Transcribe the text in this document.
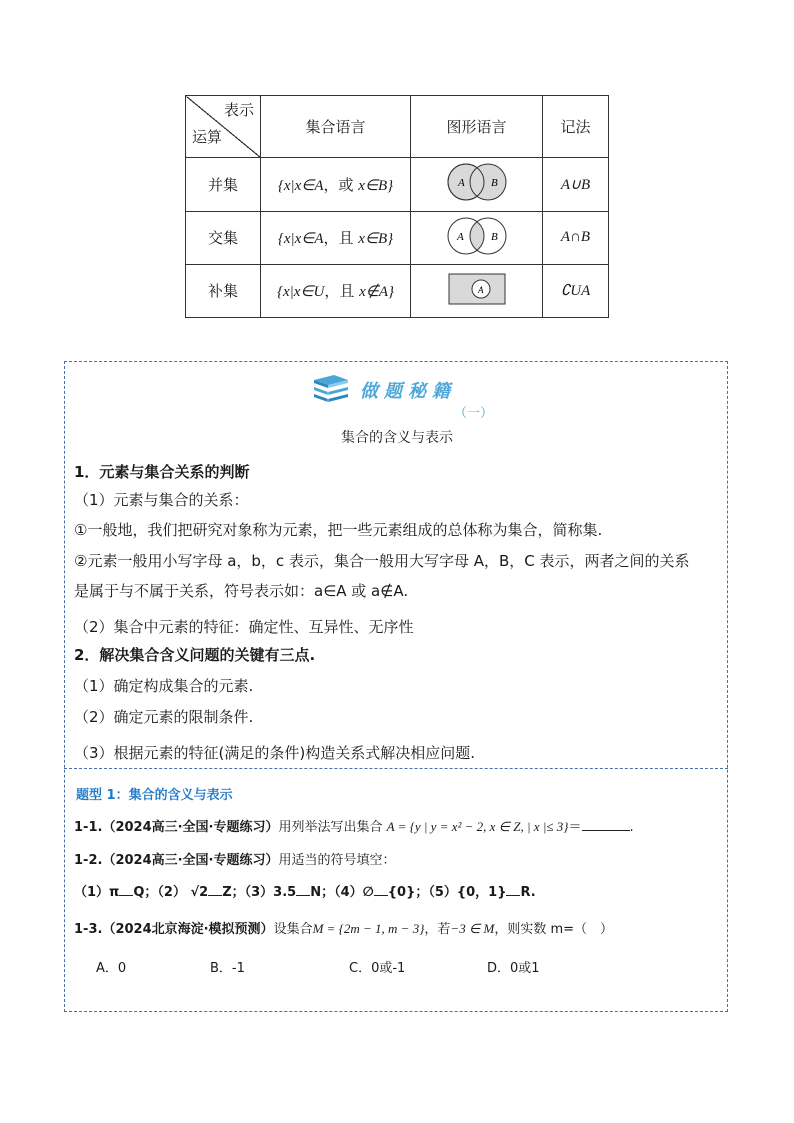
表示
运算	集合语言	图形语言	记法
并集	{x|x∈A，或 x∈B}	A B	A∪B
交集	{x|x∈A，且 x∈B}	A B	A∩B
补集	{x|x∈U，且 x∉A}	A	∁UA
做题秘籍
（一）
集合的含义与表示
1．元素与集合关系的判断
（1）元素与集合的关系：
①一般地，我们把研究对象称为元素，把一些元素组成的总体称为集合，简称集.
②元素一般用小写字母 a，b，c 表示，集合一般用大写字母 A，B，C 表示，两者之间的关系
是属于与不属于关系，符号表示如：a∈A 或 a∉A.
（2）集合中元素的特征：确定性、互异性、无序性
2．解决集合含义问题的关键有三点.
（1）确定构成集合的元素.
（2）确定元素的限制条件.
（3）根据元素的特征(满足的条件)构造关系式解决相应问题.
题型 1：集合的含义与表示
1-1.（2024高三·全国·专题练习）用列举法写出集合 A = {y | y = x² − 2, x ∈ Z, | x |≤ 3}＝	.
1-2.（2024高三·全国·专题练习）用适当的符号填空：
（1）π Q；（2） √2 Z；（3）3.5 N；（4）∅ {0}；（5）{0，1} R.
1-3.（2024北京海淀·模拟预测）设集合M = {2m − 1, m − 3}，若−3 ∈ M，则实数 m=（　）
A．0	B．-1	C．0或-1	D．0或1
